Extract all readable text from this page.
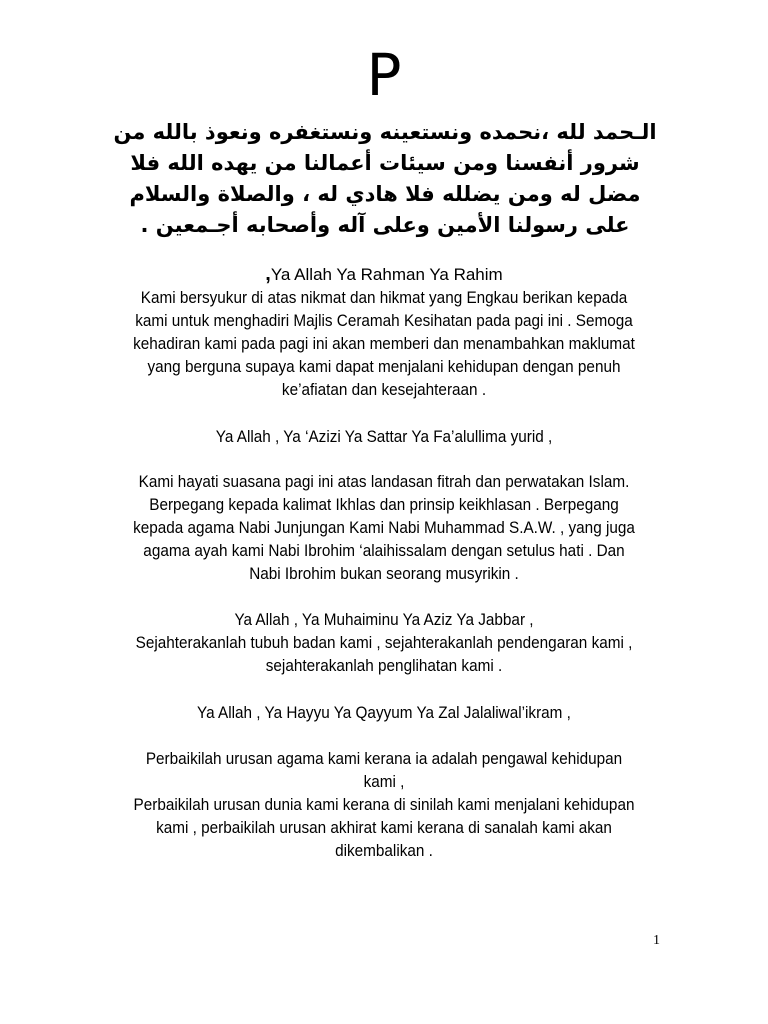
P

الـحمد لله ،نحمده ونستعينه ونستغفره ونعوذ بالله من شرور أنفسنا ومن سيئات أعمالنا من يهده الله فلا مضل له ومن يضلله فلا هادي له ، والصلاة والسلام على رسولنا الأمين وعلى آله وأصحابه أجـمعين .

,Ya Allah Ya Rahman Ya Rahim

Kami bersyukur di atas nikmat dan hikmat yang Engkau berikan kepada kami untuk menghadiri Majlis Ceramah Kesihatan pada pagi ini . Semoga kehadiran kami pada pagi ini akan memberi dan menambahkan maklumat yang berguna supaya kami dapat menjalani kehidupan dengan penuh ke’afiatan dan kesejahteraan .

Ya Allah , Ya ‘Azizi Ya Sattar Ya Fa’alullima yurid ,

Kami hayati suasana pagi ini atas landasan fitrah dan perwatakan Islam. Berpegang kepada kalimat Ikhlas dan prinsip keikhlasan . Berpegang kepada agama Nabi Junjungan Kami Nabi Muhammad S.A.W. , yang juga agama ayah kami Nabi Ibrohim ‘alaihissalam dengan setulus hati . Dan Nabi Ibrohim bukan seorang musyrikin .

Ya Allah , Ya Muhaiminu Ya Aziz Ya Jabbar ,

Sejahterakanlah tubuh badan kami , sejahterakanlah pendengaran kami , sejahterakanlah penglihatan kami .

Ya Allah , Ya Hayyu Ya Qayyum Ya Zal Jalaliwal’ikram ,

Perbaikilah urusan agama kami kerana ia adalah pengawal kehidupan kami ,

Perbaikilah urusan dunia kami kerana di sinilah kami menjalani kehidupan kami , perbaikilah urusan akhirat kami kerana di sanalah kami akan dikembalikan .

1
